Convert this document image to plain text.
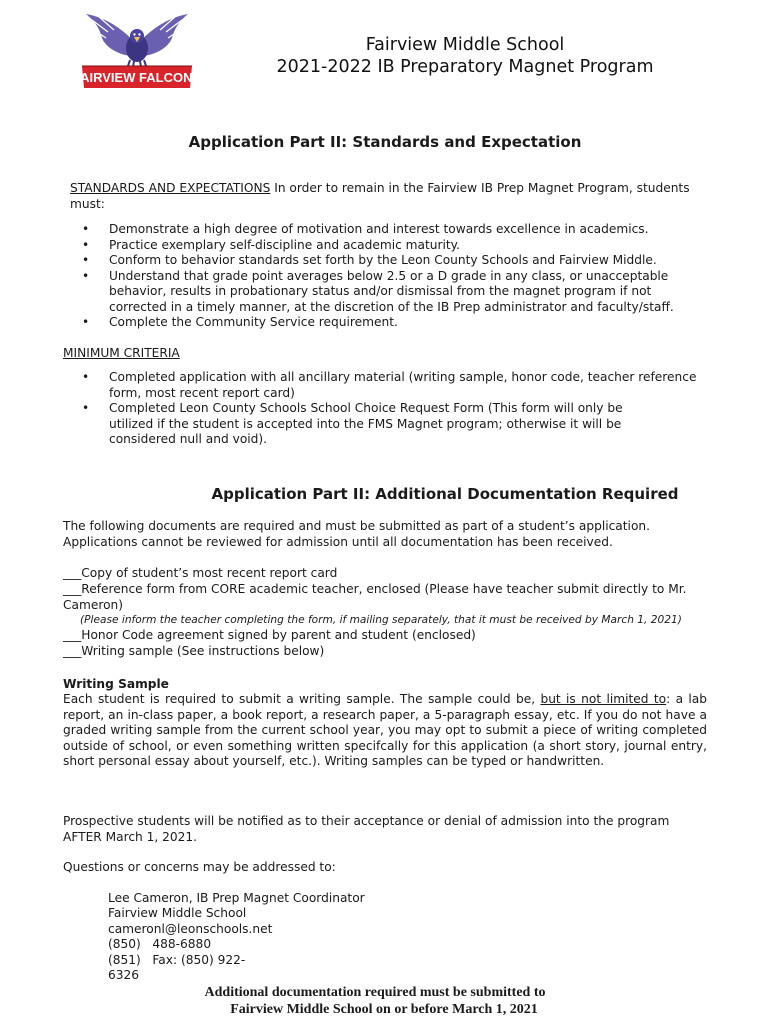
FAIRVIEW FALCONS
Fairview Middle School
2021-2022 IB Preparatory Magnet Program
Application Part II: Standards and Expectation
STANDARDS AND EXPECTATIONS In order to remain in the Fairview IB Prep Magnet Program, students
must:
• Demonstrate a high degree of motivation and interest towards excellence in academics.
• Practice exemplary self-discipline and academic maturity.
• Conform to behavior standards set forth by the Leon County Schools and Fairview Middle.
• Understand that grade point averages below 2.5 or a D grade in any class, or unacceptable behavior, results in probationary status and/or dismissal from the magnet program if not corrected in a timely manner, at the discretion of the IB Prep administrator and faculty/staff.
• Complete the Community Service requirement.
MINIMUM CRITERIA
• Completed application with all ancillary material (writing sample, honor code, teacher reference form, most recent report card)
• Completed Leon County Schools School Choice Request Form (This form will only be utilized if the student is accepted into the FMS Magnet program; otherwise it will be considered null and void).
Application Part II: Additional Documentation Required
The following documents are required and must be submitted as part of a student’s application.
Applications cannot be reviewed for admission until all documentation has been received.
___Copy of student’s most recent report card
___Reference form from CORE academic teacher, enclosed (Please have teacher submit directly to Mr.
Cameron)
(Please inform the teacher completing the form, if mailing separately, that it must be received by March 1, 2021)
___Honor Code agreement signed by parent and student (enclosed)
___Writing sample (See instructions below)
Writing Sample
Each student is required to submit a writing sample. The sample could be, but is not limited to: a lab report, an in-class paper, a book report, a research paper, a 5-paragraph essay, etc. If you do not have a graded writing sample from the current school year, you may opt to submit a piece of writing completed outside of school, or even something written specifcally for this application (a short story, journal entry, short personal essay about yourself, etc.). Writing samples can be typed or handwritten.
Prospective students will be notified as to their acceptance or denial of admission into the program
AFTER March 1, 2021.
Questions or concerns may be addressed to:
Lee Cameron, IB Prep Magnet Coordinator
Fairview Middle School
cameronl@leonschools.net
(850)   488-6880
(851)   Fax: (850) 922-
6326
Additional documentation required must be submitted to
Fairview Middle School on or before March 1, 2021
